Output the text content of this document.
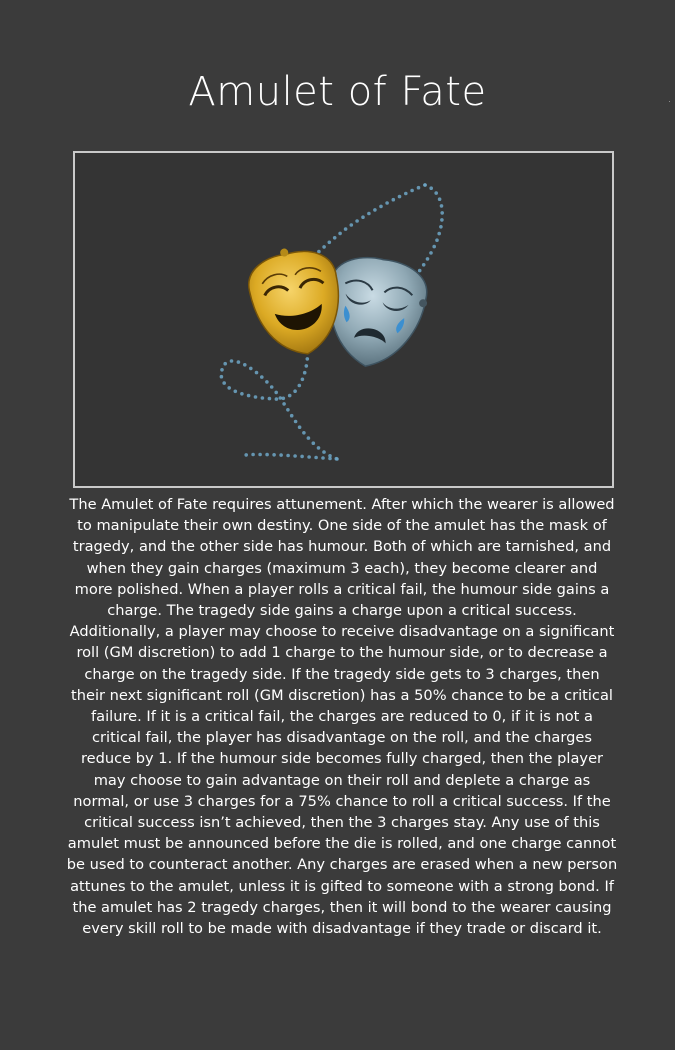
Amulet of Fate

The Amulet of Fate requires attunement. After which the wearer is allowed to manipulate their own destiny. One side of the amulet has the mask of tragedy, and the other side has humour. Both of which are tarnished, and when they gain charges (maximum 3 each), they become clearer and more polished. When a player rolls a critical fail, the humour side gains a charge. The tragedy side gains a charge upon a critical success. Additionally, a player may choose to receive disadvantage on a significant roll (GM discretion) to add 1 charge to the humour side, or to decrease a charge on the tragedy side. If the tragedy side gets to 3 charges, then their next significant roll (GM discretion) has a 50% chance to be a critical failure. If it is a critical fail, the charges are reduced to 0, if it is not a critical fail, the player has disadvantage on the roll, and the charges reduce by 1. If the humour side becomes fully charged, then the player may choose to gain advantage on their roll and deplete a charge as normal, or use 3 charges for a 75% chance to roll a critical success. If the critical success isn’t achieved, then the 3 charges stay. Any use of this amulet must be announced before the die is rolled, and one charge cannot be used to counteract another. Any charges are erased when a new person attunes to the amulet, unless it is gifted to someone with a strong bond. If the amulet has 2 tragedy charges, then it will bond to the wearer causing every skill roll to be made with disadvantage if they trade or discard it.
